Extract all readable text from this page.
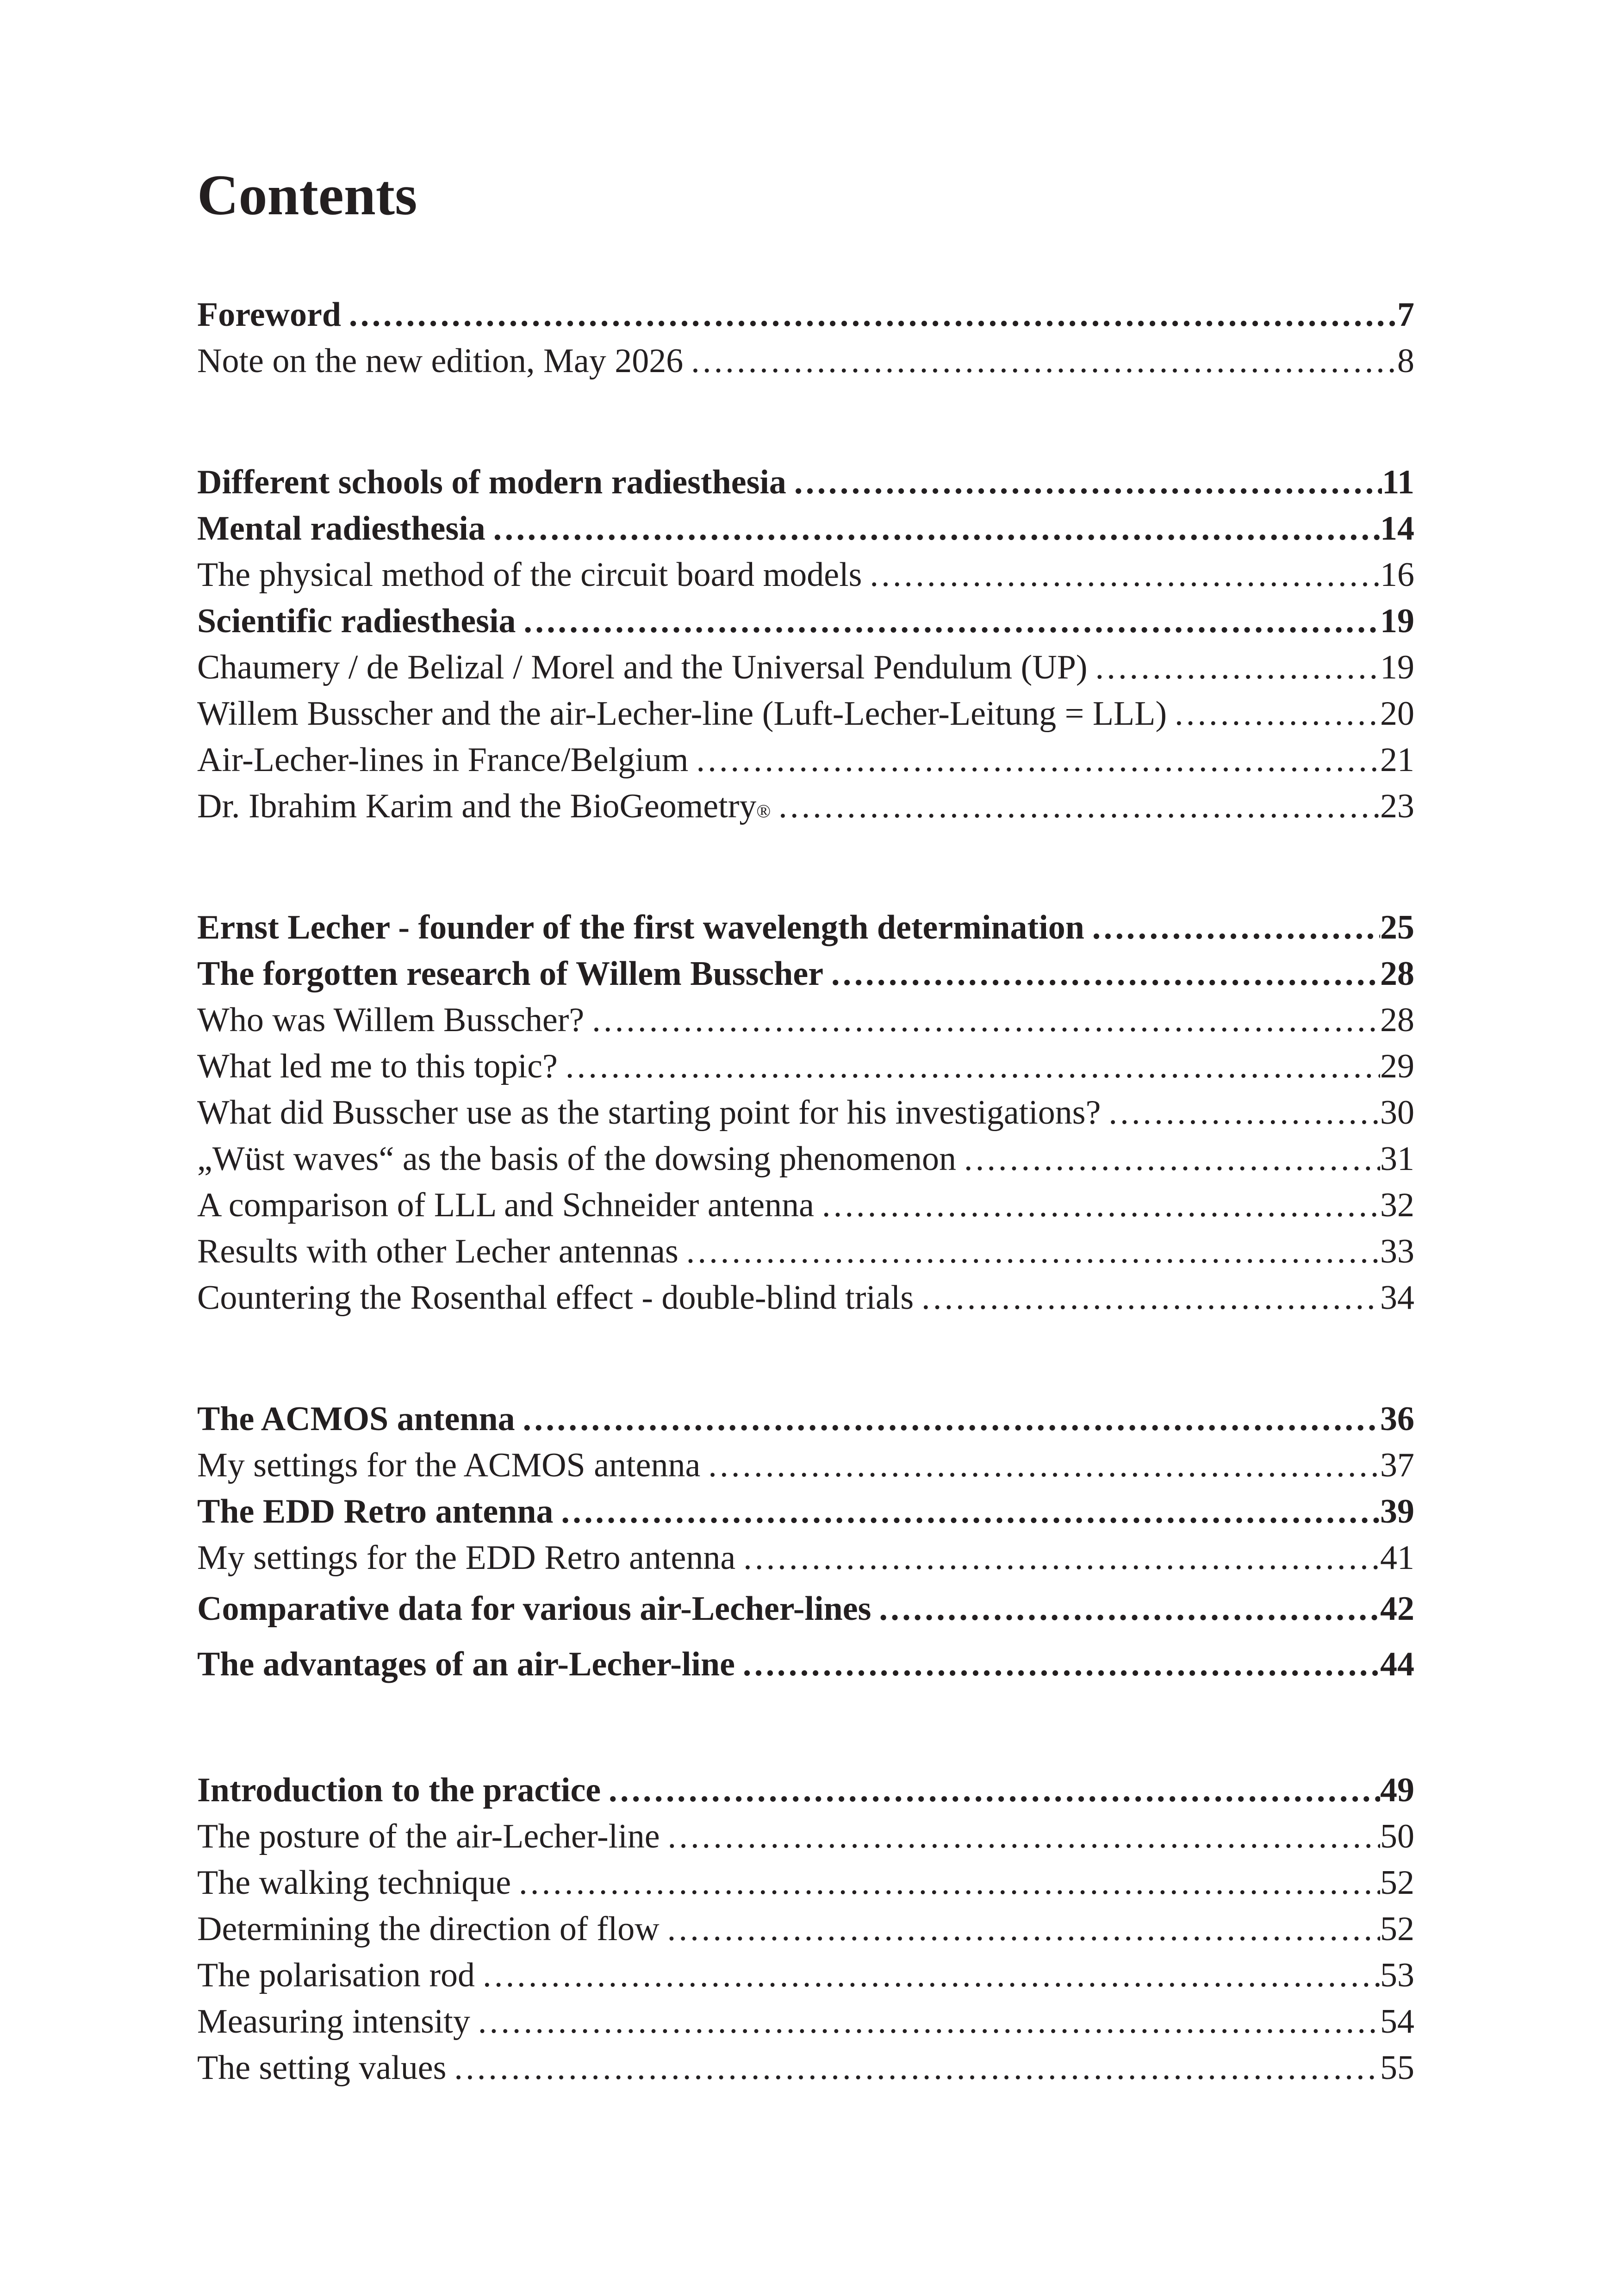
Contents
Foreword ……………………………………………………………………………………………………………………………………………………………………………………………	7
Note on the new edition, May 2026 ……………………………………………………………………………………………………………………………………………………………………………………………	8
Different schools of modern radiesthesia ……………………………………………………………………………………………………………………………………………………………………………………………	11
Mental radiesthesia ……………………………………………………………………………………………………………………………………………………………………………………………	14
The physical method of the circuit board models ……………………………………………………………………………………………………………………………………………………………………………………………	16
Scientific radiesthesia ……………………………………………………………………………………………………………………………………………………………………………………………	19
Chaumery / de Belizal / Morel and the Universal Pendulum (UP) ……………………………………………………………………………………………………………………………………………………………………………………………	19
Willem Busscher and the air-Lecher-line (Luft-Lecher-Leitung = LLL) ……………………………………………………………………………………………………………………………………………………………………………………………	20
Air-Lecher-lines in France/Belgium ……………………………………………………………………………………………………………………………………………………………………………………………	21
Dr. Ibrahim Karim and the BioGeometry ® ……………………………………………………………………………………………………………………………………………………………………………………………	23
Ernst Lecher - founder of the first wavelength determination ……………………………………………………………………………………………………………………………………………………………………………………………	25
The forgotten research of Willem Busscher ……………………………………………………………………………………………………………………………………………………………………………………………	28
Who was Willem Busscher? ……………………………………………………………………………………………………………………………………………………………………………………………	28
What led me to this topic? ……………………………………………………………………………………………………………………………………………………………………………………………	29
What did Busscher use as the starting point for his investigations? ……………………………………………………………………………………………………………………………………………………………………………………………	30
„Wüst waves“ as the basis of the dowsing phenomenon ……………………………………………………………………………………………………………………………………………………………………………………………	31
A comparison of LLL and Schneider antenna ……………………………………………………………………………………………………………………………………………………………………………………………	32
Results with other Lecher antennas ……………………………………………………………………………………………………………………………………………………………………………………………	33
Countering the Rosenthal effect - double-blind trials ……………………………………………………………………………………………………………………………………………………………………………………………	34
The ACMOS antenna ……………………………………………………………………………………………………………………………………………………………………………………………	36
My settings for the ACMOS antenna ……………………………………………………………………………………………………………………………………………………………………………………………	37
The EDD Retro antenna ……………………………………………………………………………………………………………………………………………………………………………………………	39
My settings for the EDD Retro antenna ……………………………………………………………………………………………………………………………………………………………………………………………	41
Comparative data for various air-Lecher-lines ……………………………………………………………………………………………………………………………………………………………………………………………	42
The advantages of an air-Lecher-line ……………………………………………………………………………………………………………………………………………………………………………………………	44
Introduction to the practice ……………………………………………………………………………………………………………………………………………………………………………………………	49
The posture of the air-Lecher-line ……………………………………………………………………………………………………………………………………………………………………………………………	50
The walking technique ……………………………………………………………………………………………………………………………………………………………………………………………	52
Determining the direction of flow ……………………………………………………………………………………………………………………………………………………………………………………………	52
The polarisation rod ……………………………………………………………………………………………………………………………………………………………………………………………	53
Measuring intensity ……………………………………………………………………………………………………………………………………………………………………………………………	54
The setting values ……………………………………………………………………………………………………………………………………………………………………………………………	55
